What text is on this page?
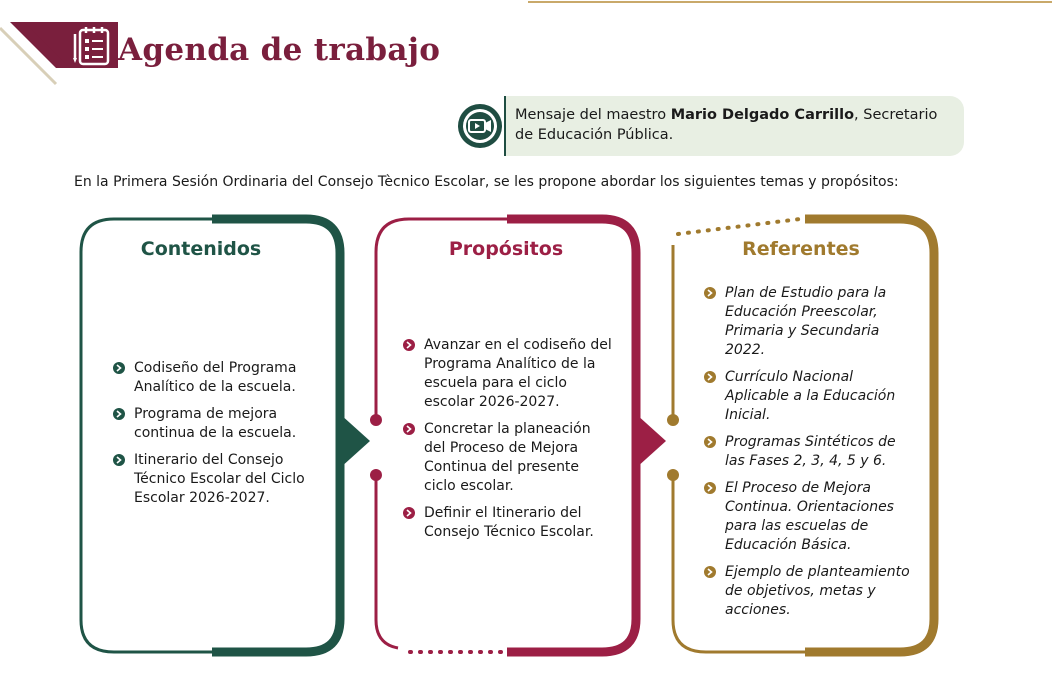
Agenda de trabajo
Mensaje del maestro Mario Delgado Carrillo, Secretario de Educación Pública.
En la Primera Sesión Ordinaria del Consejo Tècnico Escolar, se les propone abordar los siguientes temas y propósitos:
Contenidos	Propósitos	Referentes
Codiseño del Programa Analítico de la escuela.
Programa de mejora continua de la escuela.
Itinerario del Consejo Técnico Escolar del Ciclo Escolar 2026-2027.
Avanzar en el codiseño del Programa Analítico de la escuela para el ciclo escolar 2026-2027.
Concretar la planeación del Proceso de Mejora Continua del presente ciclo escolar.
Definir el Itinerario del Consejo Técnico Escolar.
Plan de Estudio para la Educación Preescolar, Primaria y Secundaria 2022.
Currículo Nacional Aplicable a la Educación Inicial.
Programas Sintéticos de las Fases 2, 3, 4, 5 y 6.
El Proceso de Mejora Continua. Orientaciones para las escuelas de Educación Básica.
Ejemplo de planteamiento de objetivos, metas y acciones.
